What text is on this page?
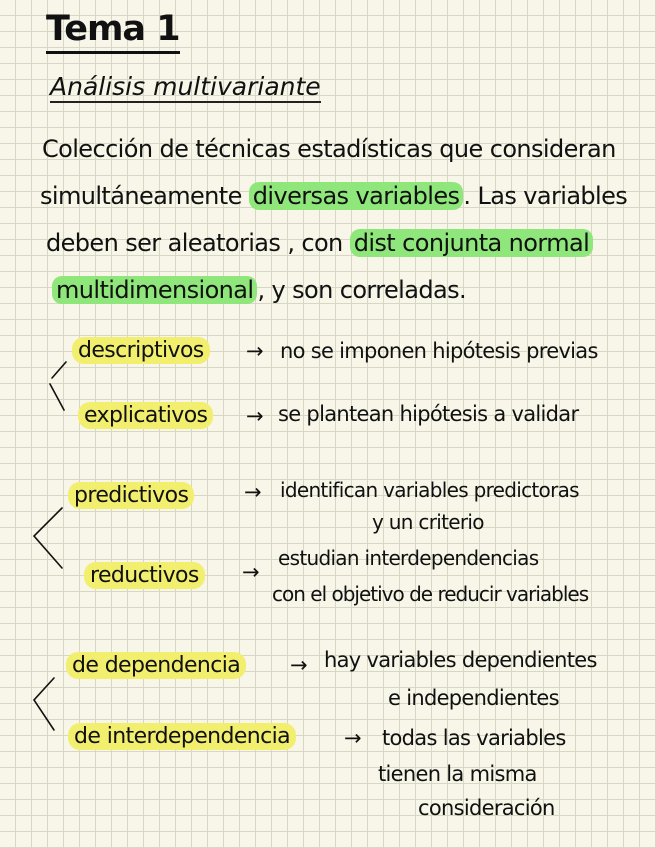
Tema 1
Análisis multivariante
Colección de técnicas estadísticas que consideran
simultáneamente diversas variables . Las variables
deben ser aleatorias , con dist conjunta normal
multidimensional , y son correladas.
descriptivos → no se imponen hipótesis previas
explicativos → se plantean hipótesis a validar
predictivos	→ identifican variables predictoras
y un criterio
reductivos →
estudian interdependencias
con el objetivo de reducir variables
de dependencia → hay variables dependientes
e independientes
de interdependencia	→ todas las variables
tienen la misma
consideración
